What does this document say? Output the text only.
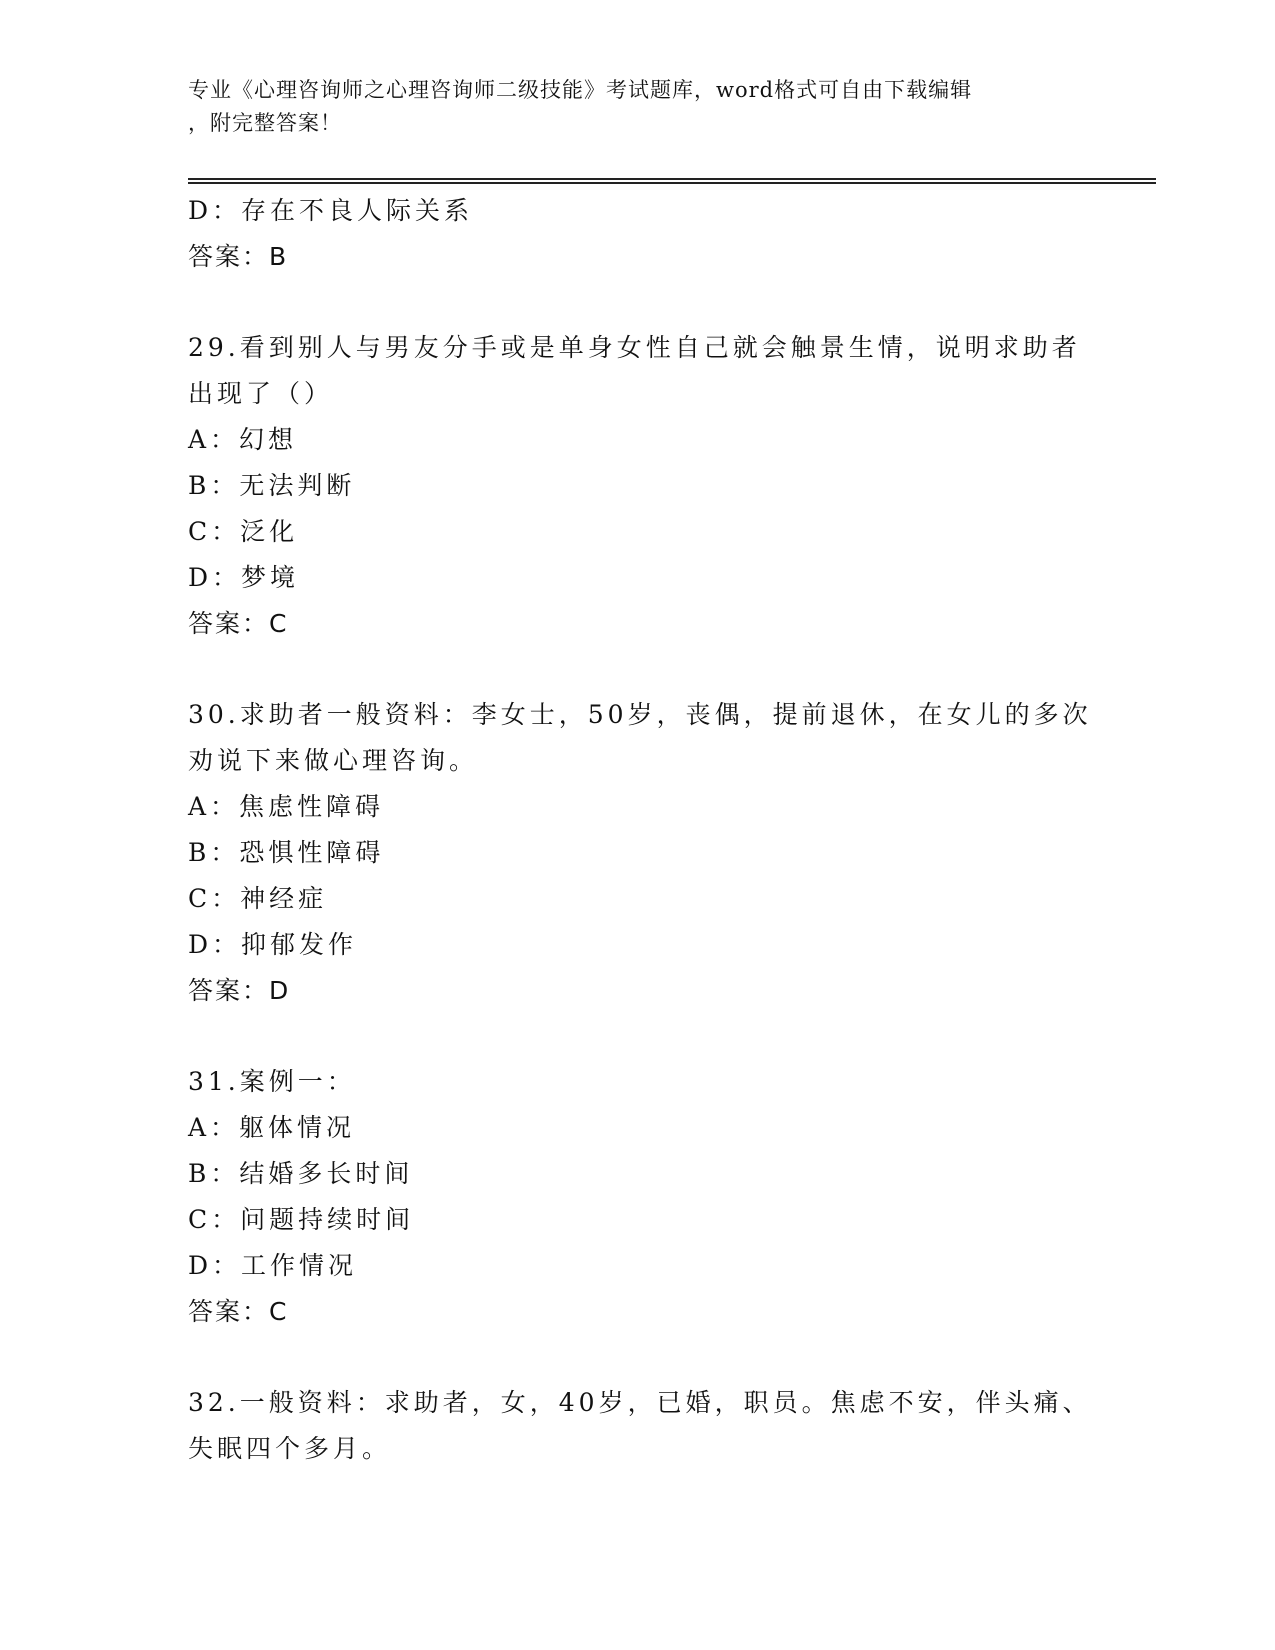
专业《心理咨询师之心理咨询师二级技能》考试题库，word格式可自由下载编辑
，附完整答案！
D：存在不良人际关系
答案：B
29.看到别人与男友分手或是单身女性自己就会触景生情，说明求助者
出现了（）
A：幻想
B：无法判断
C：泛化
D：梦境
答案：C
30.求助者一般资料：李女士，50岁，丧偶，提前退休，在女儿的多次
劝说下来做心理咨询。
A：焦虑性障碍
B：恐惧性障碍
C：神经症
D：抑郁发作
答案：D
31.案例一：
A：躯体情况
B：结婚多长时间
C：问题持续时间
D：工作情况
答案：C
32.一般资料：求助者，女，40岁，已婚，职员。焦虑不安，伴头痛、
失眠四个多月。
